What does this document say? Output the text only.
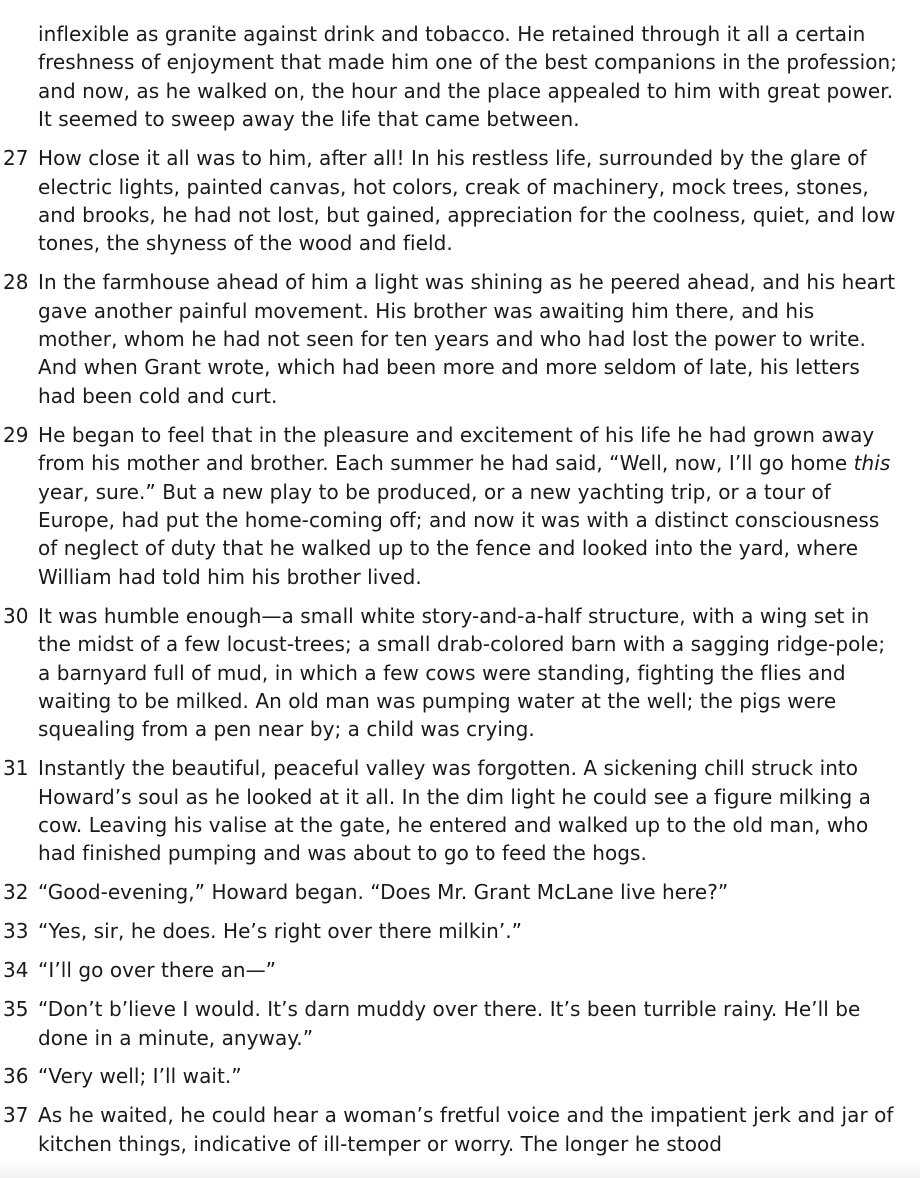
inflexible as granite against drink and tobacco. He retained through it all a certain freshness of enjoyment that made him one of the best companions in the profession; and now, as he walked on, the hour and the place appealed to him with great power. It seemed to sweep away the life that came between.

27 How close it all was to him, after all! In his restless life, surrounded by the glare of electric lights, painted canvas, hot colors, creak of machinery, mock trees, stones, and brooks, he had not lost, but gained, appreciation for the coolness, quiet, and low tones, the shyness of the wood and field.

28 In the farmhouse ahead of him a light was shining as he peered ahead, and his heart gave another painful movement. His brother was awaiting him there, and his mother, whom he had not seen for ten years and who had lost the power to write. And when Grant wrote, which had been more and more seldom of late, his letters had been cold and curt.

29 He began to feel that in the pleasure and excitement of his life he had grown away from his mother and brother. Each summer he had said, “Well, now, I’ll go home this year, sure.” But a new play to be produced, or a new yachting trip, or a tour of Europe, had put the home-coming off; and now it was with a distinct consciousness of neglect of duty that he walked up to the fence and looked into the yard, where William had told him his brother lived.

30 It was humble enough—a small white story-and-a-half structure, with a wing set in the midst of a few locust-trees; a small drab-colored barn with a sagging ridge-pole; a barnyard full of mud, in which a few cows were standing, fighting the flies and waiting to be milked. An old man was pumping water at the well; the pigs were squealing from a pen near by; a child was crying.

31 Instantly the beautiful, peaceful valley was forgotten. A sickening chill struck into Howard’s soul as he looked at it all. In the dim light he could see a figure milking a cow. Leaving his valise at the gate, he entered and walked up to the old man, who had finished pumping and was about to go to feed the hogs.

32 “Good-evening,” Howard began. “Does Mr. Grant McLane live here?”

33 “Yes, sir, he does. He’s right over there milkin’.”

34 “I’ll go over there an—”

35 “Don’t b’lieve I would. It’s darn muddy over there. It’s been turrible rainy. He’ll be done in a minute, anyway.”

36 “Very well; I’ll wait.”

37 As he waited, he could hear a woman’s fretful voice and the impatient jerk and jar of kitchen things, indicative of ill-temper or worry. The longer he stood
